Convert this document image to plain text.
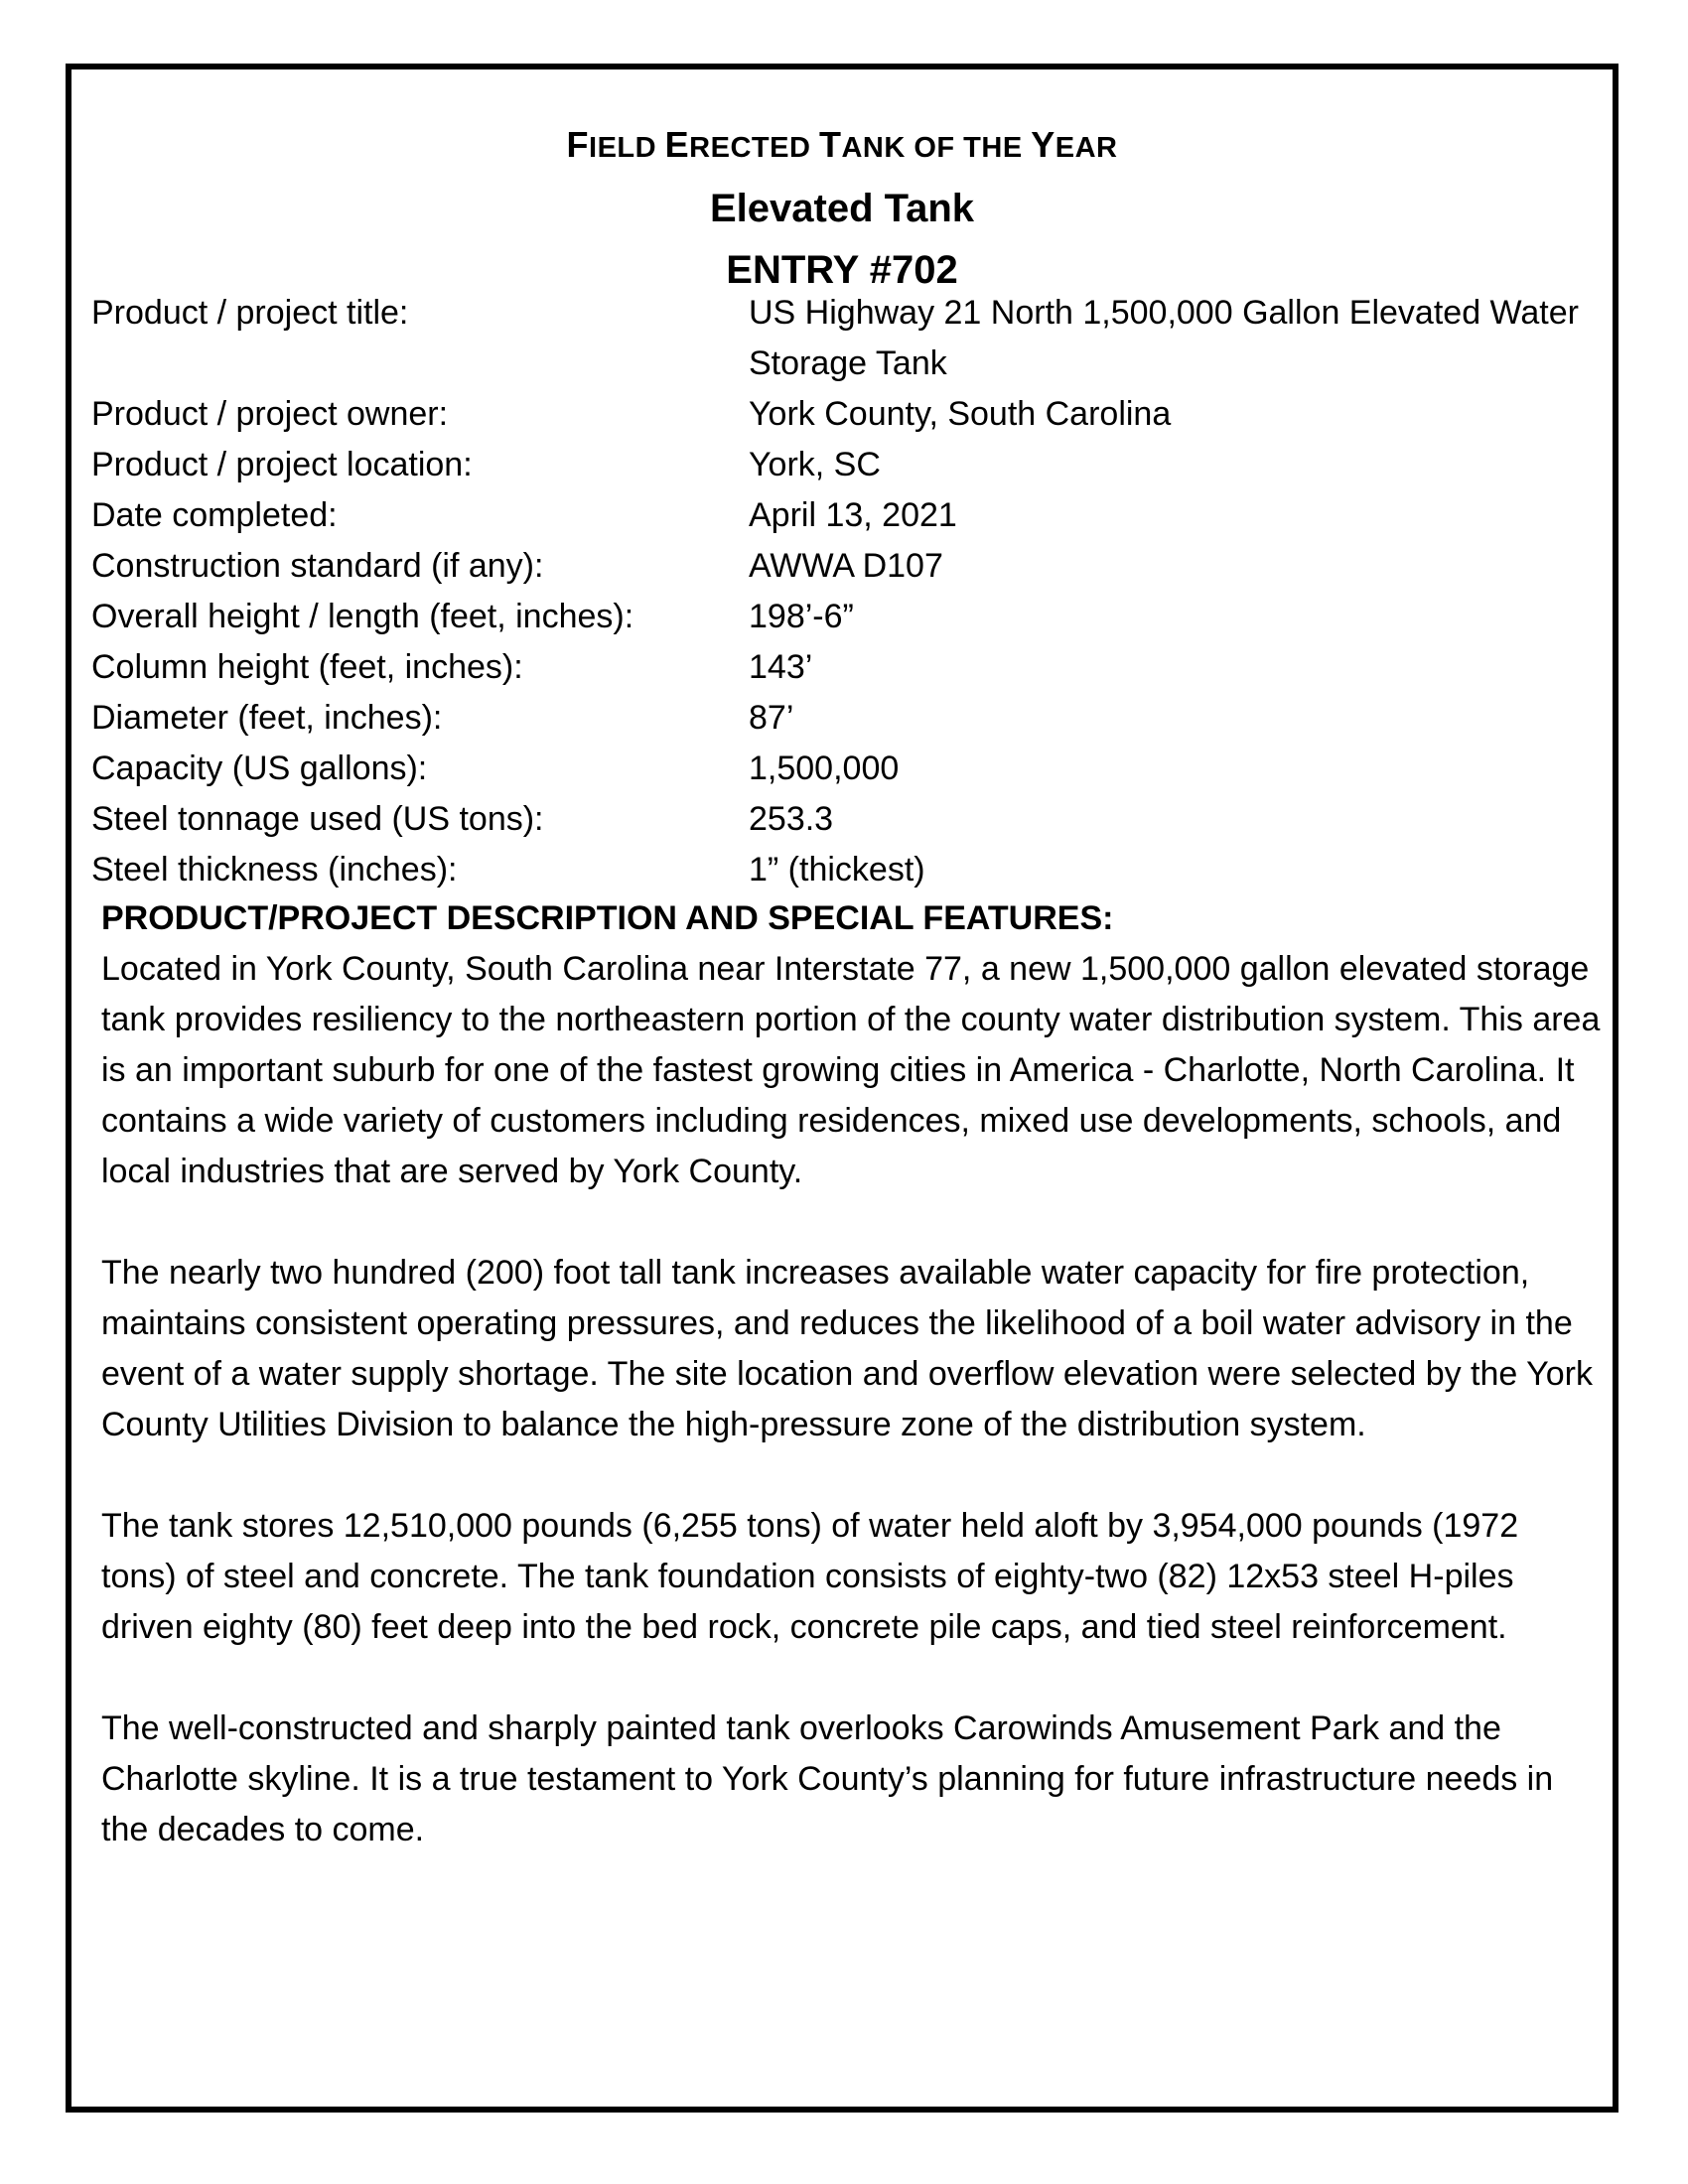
FIELD ERECTED TANK OF THE YEAR
Elevated Tank
ENTRY #702
Product / project title:	US Highway 21 North 1,500,000 Gallon Elevated Water Storage Tank
Product / project owner:	York County, South Carolina
Product / project location:	York, SC
Date completed:	April 13, 2021
Construction standard (if any):	AWWA D107
Overall height / length (feet, inches):	198’-6”
Column height (feet, inches):	143’
Diameter (feet, inches):	87’
Capacity (US gallons):	1,500,000
Steel tonnage used (US tons):	253.3
Steel thickness (inches):	1” (thickest)
PRODUCT/PROJECT DESCRIPTION AND SPECIAL FEATURES:

Located in York County, South Carolina near Interstate 77, a new 1,500,000 gallon elevated storage tank provides resiliency to the northeastern portion of the county water distribution system. This area is an important suburb for one of the fastest growing cities in America - Charlotte, North Carolina. It contains a wide variety of customers including residences, mixed use developments, schools, and local industries that are served by York County.

The nearly two hundred (200) foot tall tank increases available water capacity for fire protection, maintains consistent operating pressures, and reduces the likelihood of a boil water advisory in the event of a water supply shortage. The site location and overflow elevation were selected by the York County Utilities Division to balance the high-pressure zone of the distribution system.

The tank stores 12,510,000 pounds (6,255 tons) of water held aloft by 3,954,000 pounds (1972 tons) of steel and concrete. The tank foundation consists of eighty-two (82) 12x53 steel H-piles driven eighty (80) feet deep into the bed rock, concrete pile caps, and tied steel reinforcement.

The well-constructed and sharply painted tank overlooks Carowinds Amusement Park and the Charlotte skyline. It is a true testament to York County’s planning for future infrastructure needs in the decades to come.
